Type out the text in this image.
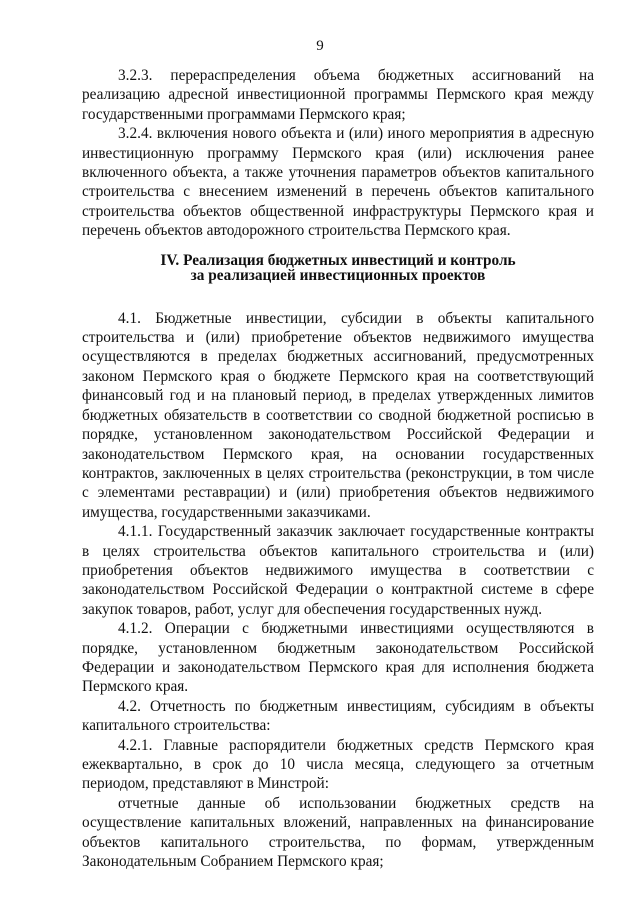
9

3.2.3. перераспределения объема бюджетных ассигнований на реализацию адресной инвестиционной программы Пермского края между государственными программами Пермского края;

3.2.4. включения нового объекта и (или) иного мероприятия в адресную инвестиционную программу Пермского края (или) исключения ранее включенного объекта, а также уточнения параметров объектов капитального строительства с внесением изменений в перечень объектов капитального строительства объектов общественной инфраструктуры Пермского края и перечень объектов автодорожного строительства Пермского края.

IV. Реализация бюджетных инвестиций и контроль
за реализацией инвестиционных проектов

4.1. Бюджетные инвестиции, субсидии в объекты капитального строительства и (или) приобретение объектов недвижимого имущества осуществляются в пределах бюджетных ассигнований, предусмотренных законом Пермского края о бюджете Пермского края на соответствующий финансовый год и на плановый период, в пределах утвержденных лимитов бюджетных обязательств в соответствии со сводной бюджетной росписью в порядке, установленном законодательством Российской Федерации и законодательством Пермского края, на основании государственных контрактов, заключенных в целях строительства (реконструкции, в том числе с элементами реставрации) и (или) приобретения объектов недвижимого имущества, государственными заказчиками.

4.1.1. Государственный заказчик заключает государственные контракты в целях строительства объектов капитального строительства и (или) приобретения объектов недвижимого имущества в соответствии с законодательством Российской Федерации о контрактной системе в сфере закупок товаров, работ, услуг для обеспечения государственных нужд.

4.1.2. Операции с бюджетными инвестициями осуществляются в порядке, установленном бюджетным законодательством Российской Федерации и законодательством Пермского края для исполнения бюджета Пермского края.

4.2. Отчетность по бюджетным инвестициям, субсидиям в объекты капитального строительства:

4.2.1. Главные распорядители бюджетных средств Пермского края ежеквартально, в срок до 10 числа месяца, следующего за отчетным периодом, представляют в Минстрой:

отчетные данные об использовании бюджетных средств на осуществление капитальных вложений, направленных на финансирование объектов капитального строительства, по формам, утвержденным Законодательным Собранием Пермского края;
